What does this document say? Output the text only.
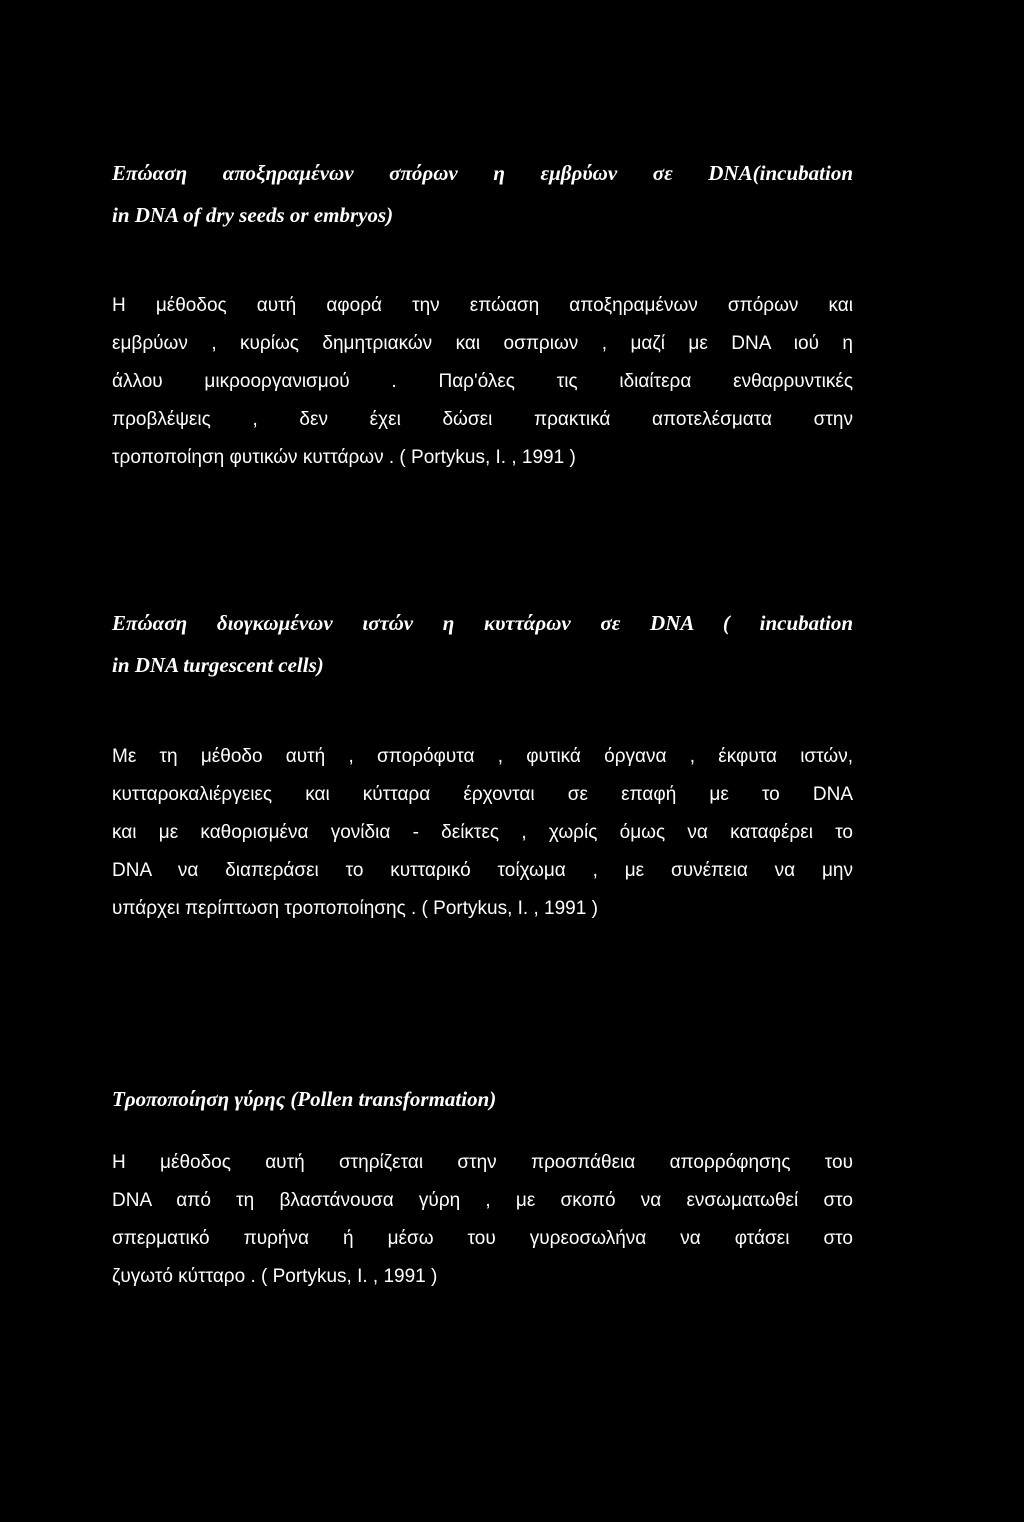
Επώαση αποξηραμένων σπόρων η εμβρύων σε DNA(incubation
in DNA of dry seeds or embryos)
Η μέθοδος αυτή αφορά την επώαση αποξηραμένων σπόρων και
εμβρύων , κυρίως δημητριακών και οσπριων , μαζί με DNA ιού η
άλλου μικροοργανισμού . Παρ'όλες τις ιδιαίτερα ενθαρρυντικές
προβλέψεις , δεν έχει δώσει πρακτικά αποτελέσματα στην
τροποποίηση φυτικών κυττάρων . ( Portykus, I. , 1991 )
Επώαση διογκωμένων ιστών η κυττάρων σε DNA ( incubation
in DNA turgescent cells)
Με τη μέθοδο αυτή , σπορόφυτα , φυτικά όργανα , έκφυτα ιστών,
κυτταροκαλιέργειες και κύτταρα έρχονται σε επαφή με το DNA
και με καθορισμένα γονίδια - δείκτες , χωρίς όμως να καταφέρει το
DNA να διαπεράσει το κυτταρικό τοίχωμα , με συνέπεια να μην
υπάρχει περίπτωση τροποποίησης . ( Portykus, I. , 1991 )
Τροποποίηση γύρης (Pollen transformation)
Η μέθοδος αυτή στηρίζεται στην προσπάθεια απορρόφησης του
DNA από τη βλαστάνουσα γύρη , με σκοπό να ενσωματωθεί στο
σπερματικό πυρήνα ή μέσω του γυρεοσωλήνα να φτάσει στο
ζυγωτό κύτταρο . ( Portykus, I. , 1991 )
